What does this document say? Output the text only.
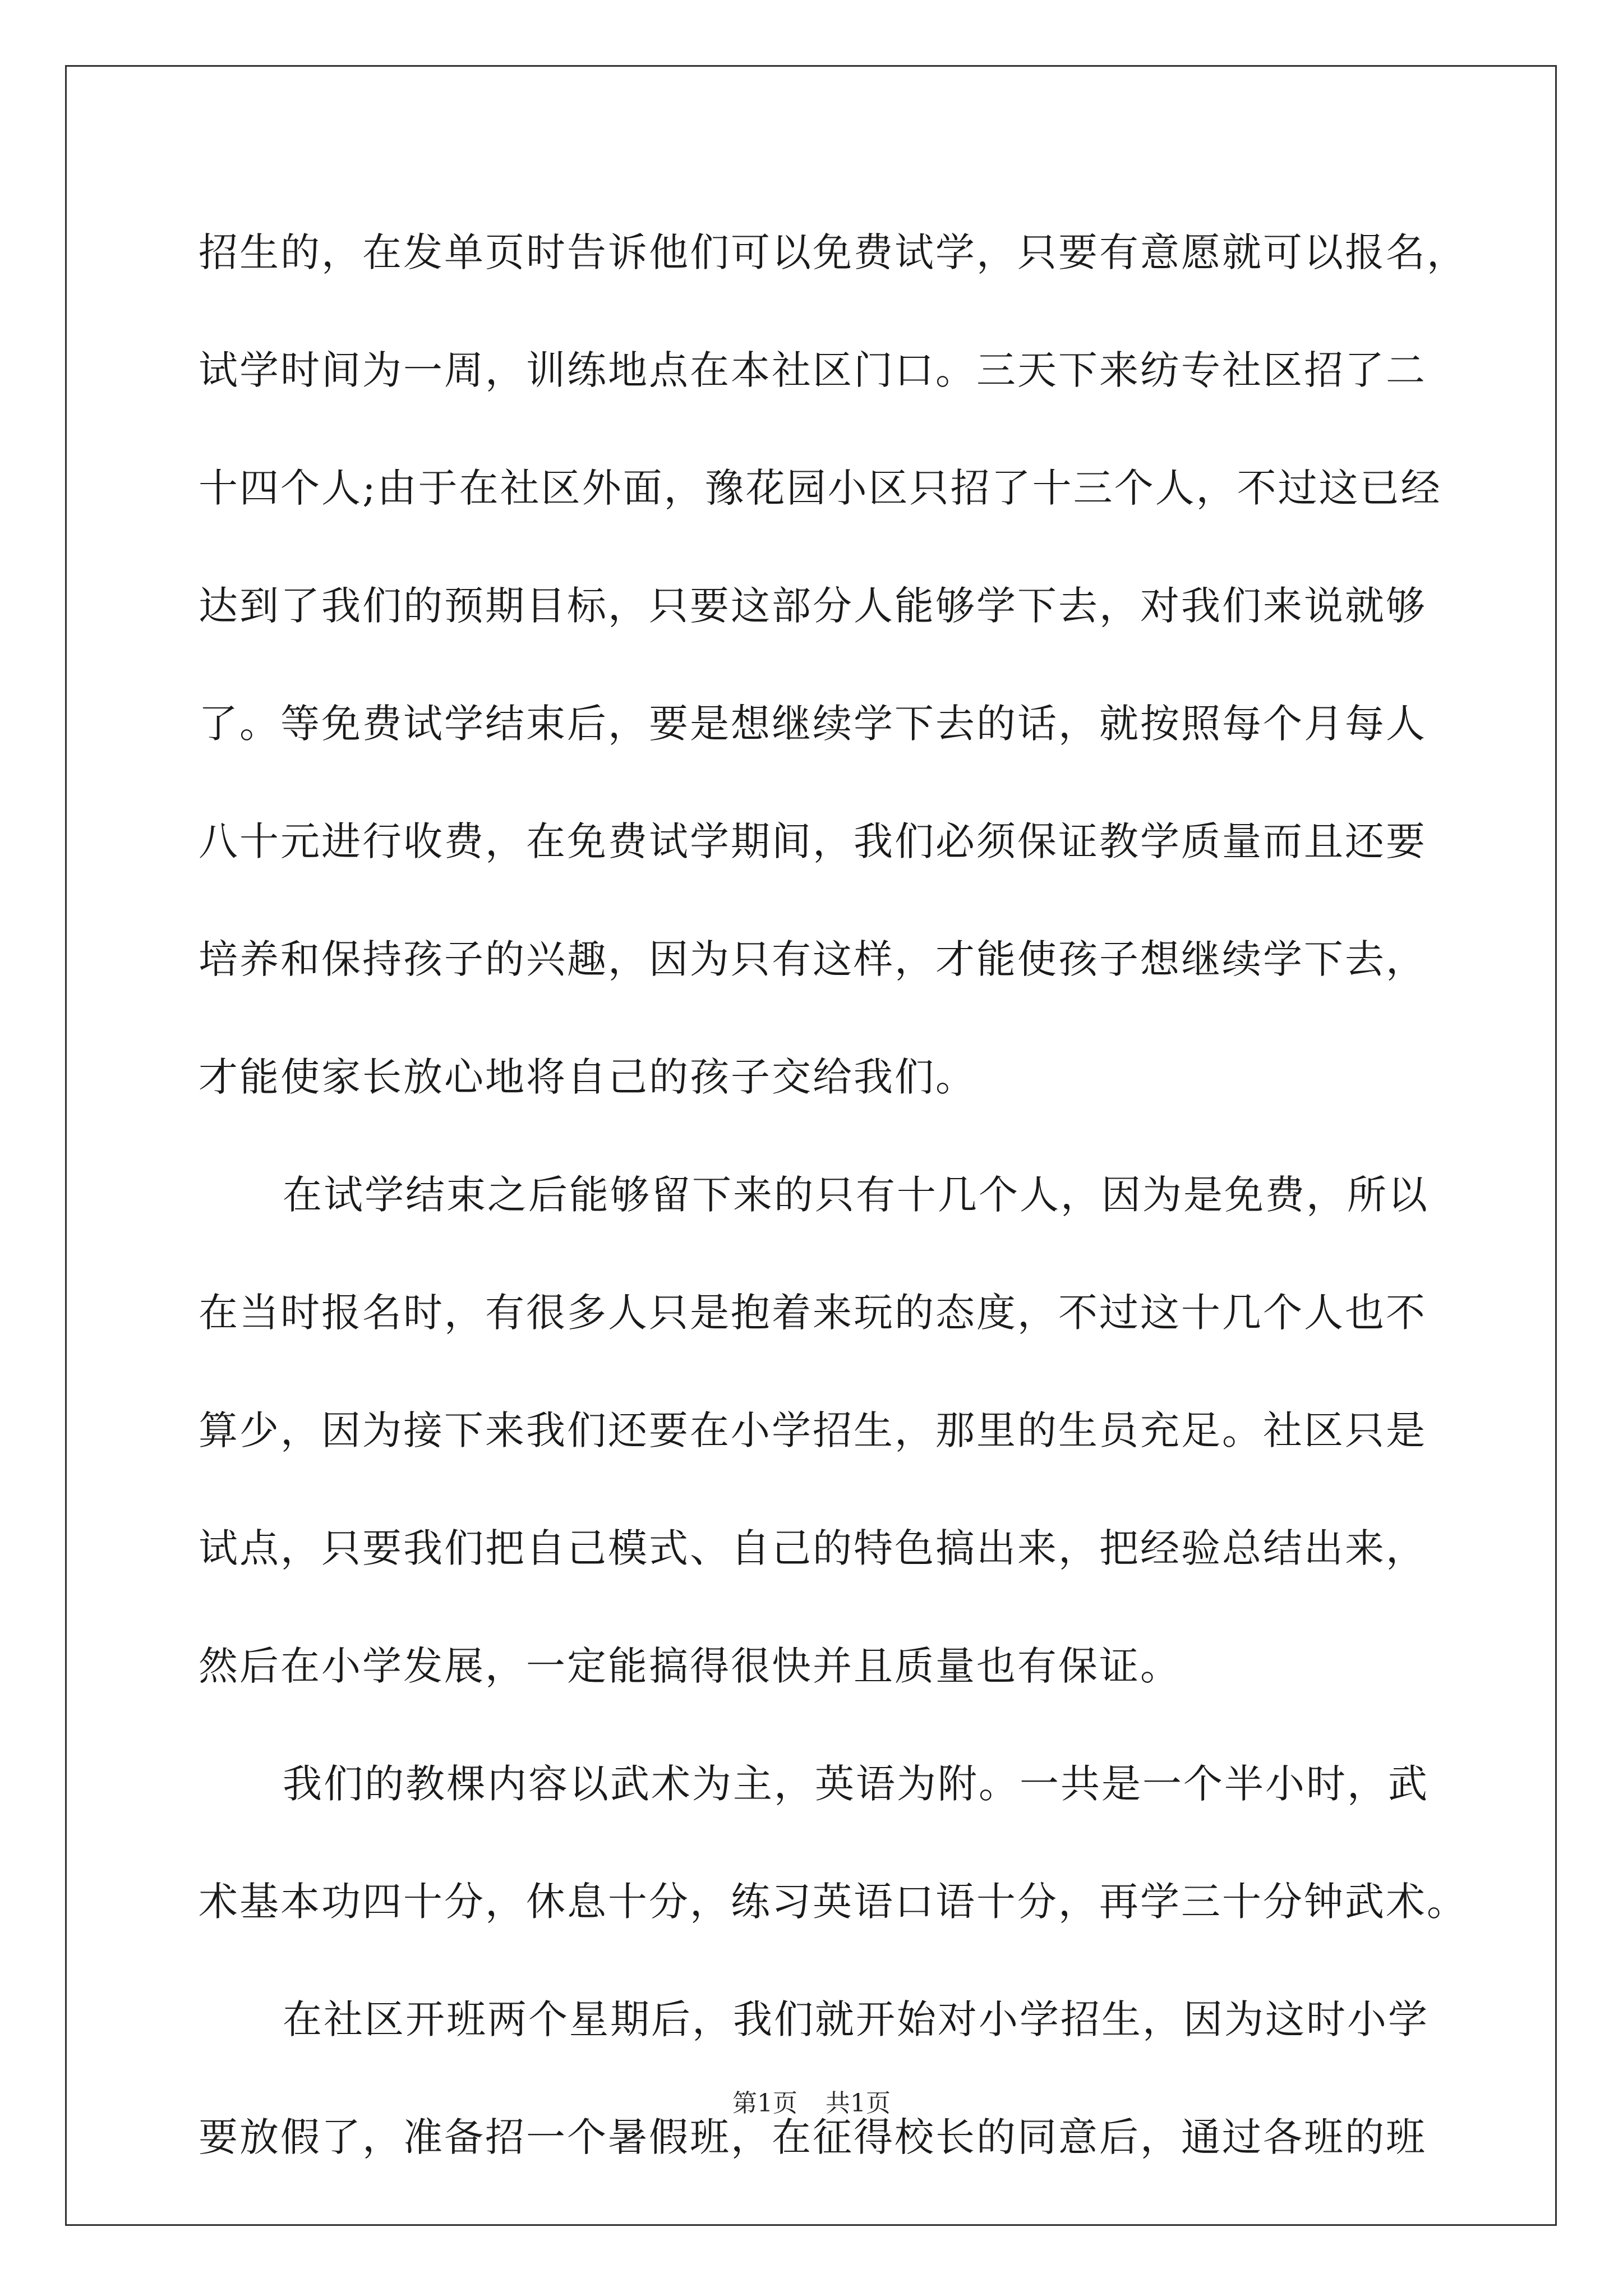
招生的，在发单页时告诉他们可以免费试学，只要有意愿就可以报名，
试学时间为一周，训练地点在本社区门口。三天下来纺专社区招了二
十四个人;由于在社区外面，豫花园小区只招了十三个人，不过这已经
达到了我们的预期目标，只要这部分人能够学下去，对我们来说就够
了。等免费试学结束后，要是想继续学下去的话，就按照每个月每人
八十元进行收费，在免费试学期间，我们必须保证教学质量而且还要
培养和保持孩子的兴趣，因为只有这样，才能使孩子想继续学下去，
才能使家长放心地将自己的孩子交给我们。
在试学结束之后能够留下来的只有十几个人，因为是免费，所以
在当时报名时，有很多人只是抱着来玩的态度，不过这十几个人也不
算少，因为接下来我们还要在小学招生，那里的生员充足。社区只是
试点，只要我们把自己模式、自己的特色搞出来，把经验总结出来，
然后在小学发展，一定能搞得很快并且质量也有保证。
我们的教棵内容以武术为主，英语为附。一共是一个半小时，武
术基本功四十分，休息十分，练习英语口语十分，再学三十分钟武术。
在社区开班两个星期后，我们就开始对小学招生，因为这时小学
要放假了，准备招一个暑假班，在征得校长的同意后，通过各班的班
第1页 共1页
